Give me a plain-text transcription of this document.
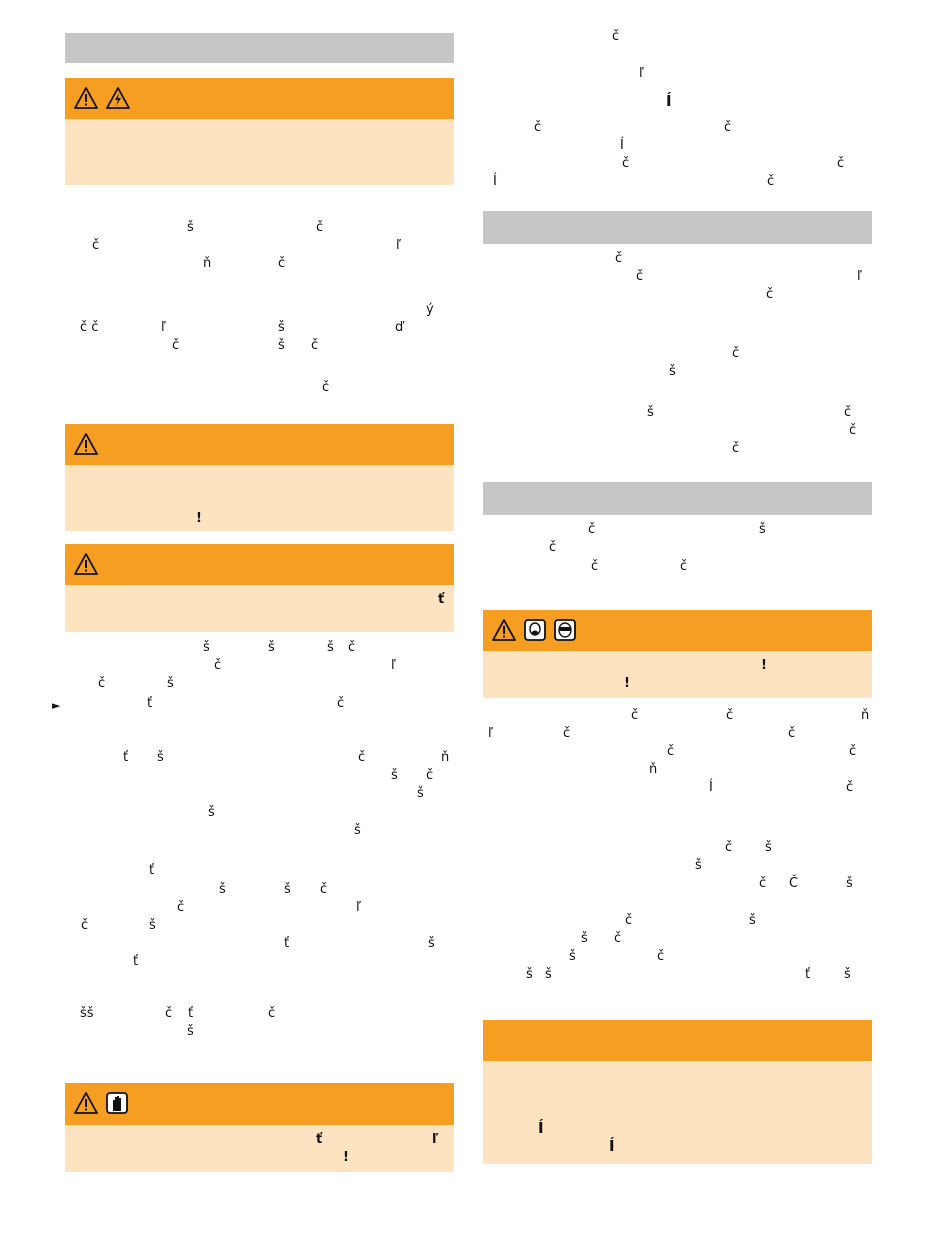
š	č
č	ľ
ň	č
ý
č č	ľ	š	ď
č	š č
č
!
ť
š	š	š č
č	ľ
č	š
►	ť	č
ť š	č	ň
š č
š
š
š
ť
š	š č
č	ľ
č	š
ť	š
ť
šš	č ť	č
š
ť	ľ
!
č
ľ
Í
č	č
Í
č	č
Í	č
č
č	ľ
č
č
š
š	č
č
č
č	š
č
č	č
!
!
č	č	ň
ľ	č	č
č	č
ň
Í	č
č	š
š
č Č	š
č	š
š č
š	č
š š	ť	š
Í
Í
